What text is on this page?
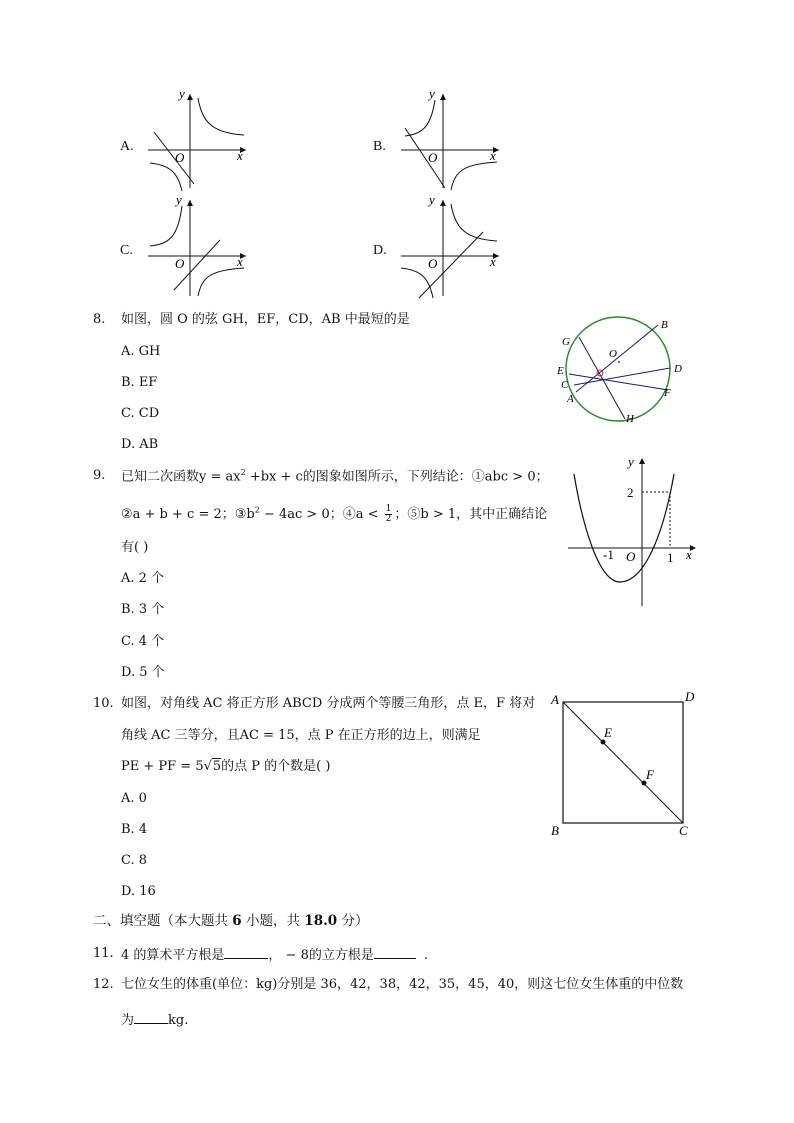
A.
y
x
O
B.
y
x
O
C.
y
x
O
D.
y
x
O
8. 如图，圆 O 的弦 GH，EF，CD，AB 中最短的是
A. GH
B. EF
C. CD
D. AB
G
B
O
E	D
C
F
A
H
9. 已知二次函数$y = ax^2 +bx + c$的图象如图所示，下列结论：①abc > 0；
②a + b + c = 2；$③b^2 - 4ac > 0$；④a < $\frac{1}{2}$ ；⑤b > 1，其中正确结论
有( )
A. 2 个
B. 3 个
C. 4 个
D. 5 个
y
x
2
-1 O 1
10. 如图，对角线 AC 将正方形 ABCD 分成两个等腰三角形，点 E，F 将对
角线 AC 三等分，且AC = 15，点 P 在正方形的边上，则满足
PE + PF = 5√5的点 P 的个数是( )
A. 0
B. 4
C. 8
D. 16
A	D
E
F
B	C
二、填空题（本大题共 6 小题，共 18.0 分）
11. 4 的算术平方根是	， − 8的立方根是	.
12. 七位女生的体重(单位：kg)分别是 36，42，38，42，35，45，40，则这七位女生体重的中位数
为	kg.
